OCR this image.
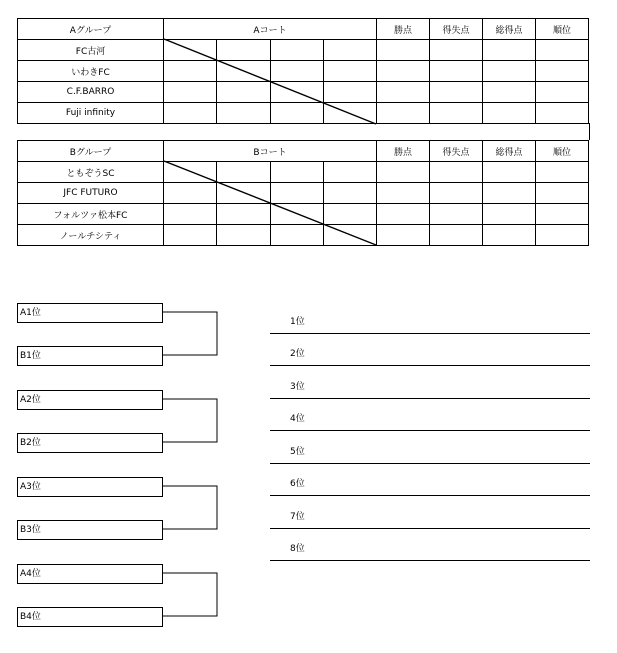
Aグループ	Aコート				勝点	得失点	総得点	順位
FC古河								
いわきFC								
C.F.BARRO								
Fuji infinity								
Bグループ	Bコート				勝点	得失点	総得点	順位
ともぞうSC								
JFC FUTURO								
フォルツァ松本FC								
ノールチシティ								
A1位
B1位
A2位
B2位
A3位
B3位
A4位
B4位
1位
2位
3位
4位
5位
6位
7位
8位
